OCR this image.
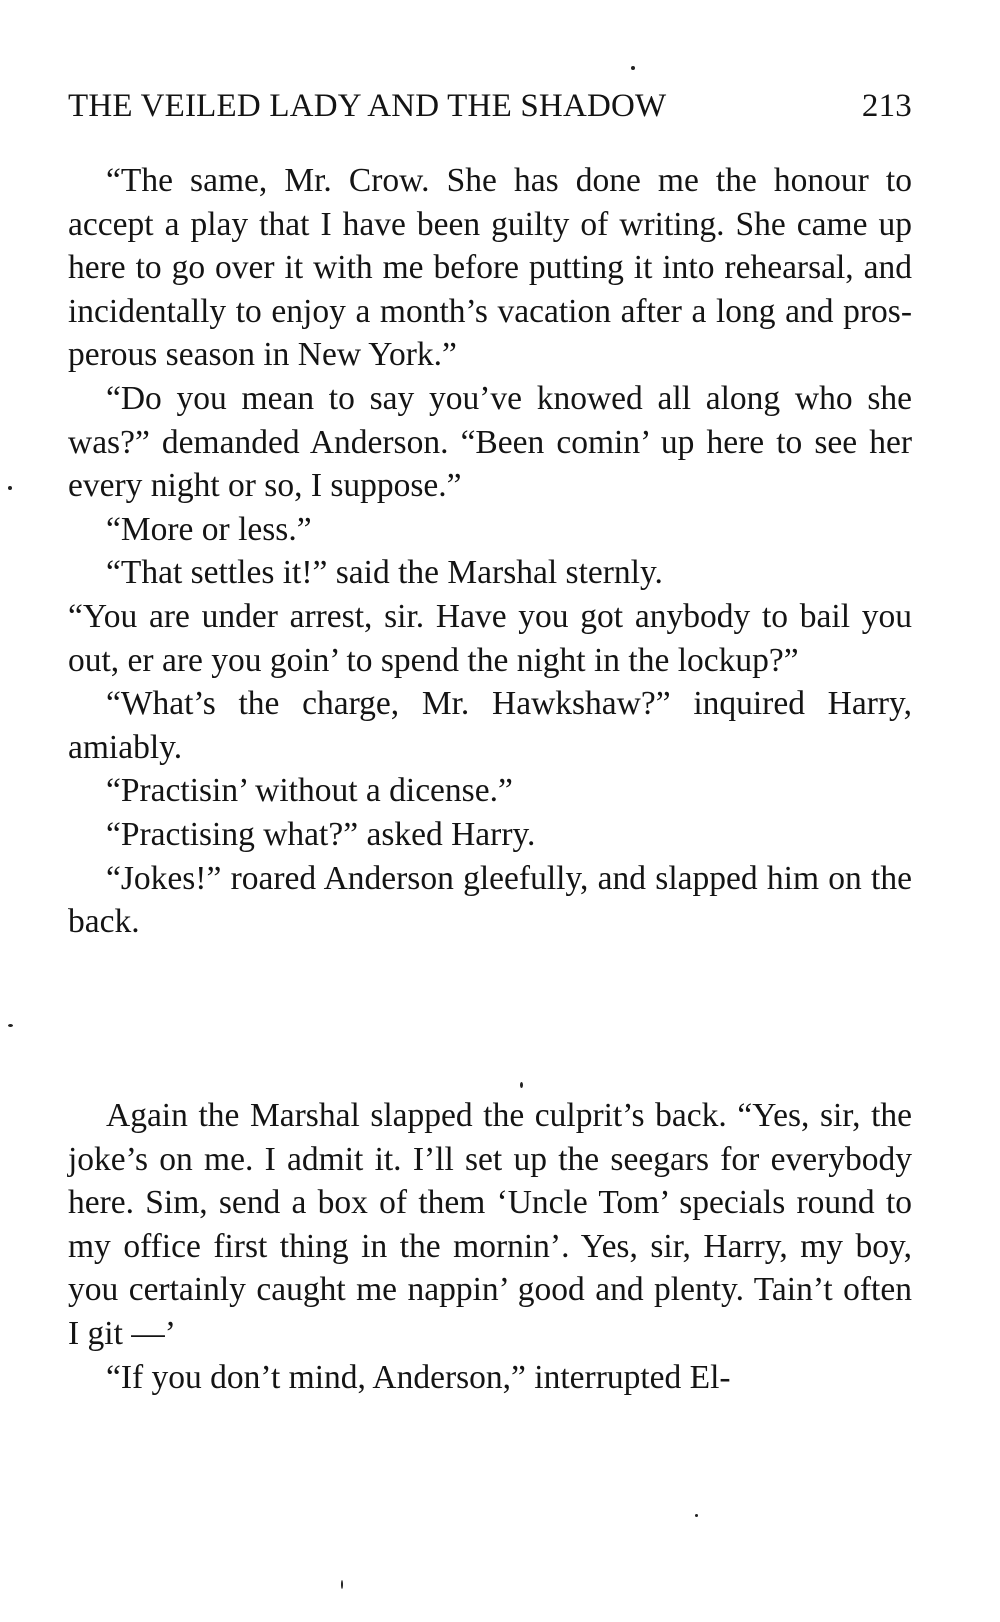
THE VEILED LADY AND THE SHADOW	213

“The same, Mr. Crow. She has done me the honour to accept a play that I have been guilty of writing. She came up here to go over it with me before putting it into rehearsal, and incidentally to enjoy a month’s vacation after a long and prosperous season in New York.”

“Do you mean to say you’ve knowed all along who she was?” demanded Anderson. “Been comin’ up here to see her every night or so, I suppose.”

“More or less.”

“That settles it!” said the Marshal sternly.

“You are under arrest, sir. Have you got anybody to bail you out, er are you goin’ to spend the night in the lockup?”

“What’s the charge, Mr. Hawkshaw?” inquired Harry, amiably.

“Practisin’ without a dicense.”

“Practising what?” asked Harry.

“Jokes!” roared Anderson gleefully, and slapped him on the back.

Again the Marshal slapped the culprit’s back. “Yes, sir, the joke’s on me. I admit it. I’ll set up the seegars for everybody here. Sim, send a box of them ‘Uncle Tom’ specials round to my office first thing in the mornin’. Yes, sir, Harry, my boy, you certainly caught me nappin’ good and plenty. Tain’t often I git —’

“If you don’t mind, Anderson,” interrupted El-
